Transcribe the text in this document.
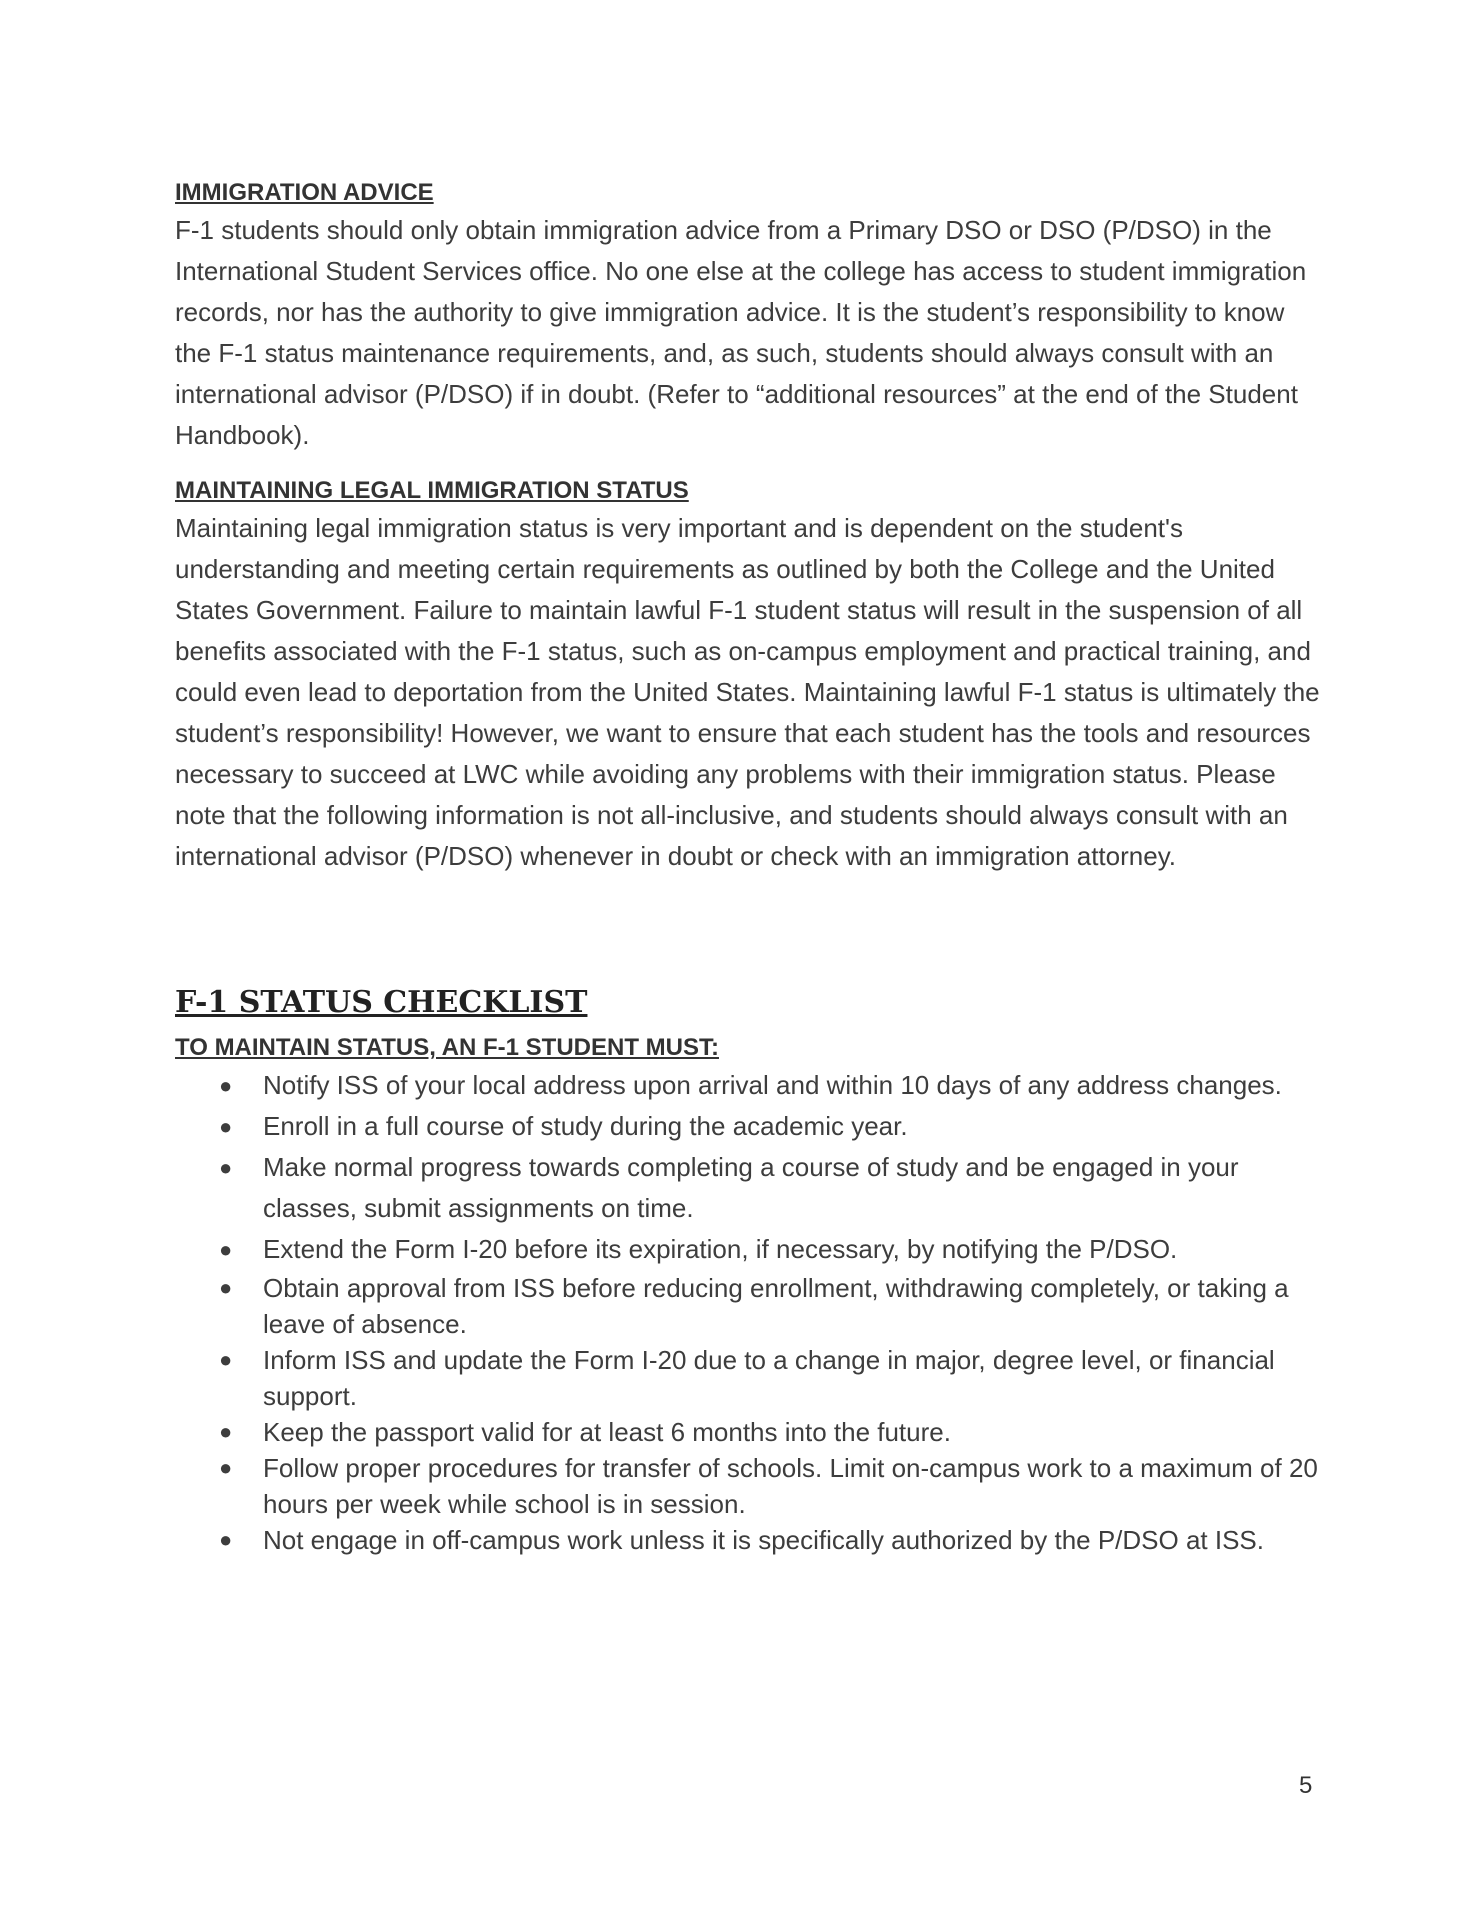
IMMIGRATION ADVICE

F-1 students should only obtain immigration advice from a Primary DSO or DSO (P/DSO) in the International Student Services office. No one else at the college has access to student immigration records, nor has the authority to give immigration advice. It is the student’s responsibility to know the F-1 status maintenance requirements, and, as such, students should always consult with an international advisor (P/DSO) if in doubt. (Refer to “additional resources” at the end of the Student Handbook).

MAINTAINING LEGAL IMMIGRATION STATUS

Maintaining legal immigration status is very important and is dependent on the student's understanding and meeting certain requirements as outlined by both the College and the United States Government. Failure to maintain lawful F-1 student status will result in the suspension of all benefits associated with the F-1 status, such as on-campus employment and practical training, and could even lead to deportation from the United States. Maintaining lawful F-1 status is ultimately the student’s responsibility! However, we want to ensure that each student has the tools and resources necessary to succeed at LWC while avoiding any problems with their immigration status. Please note that the following information is not all-inclusive, and students should always consult with an international advisor (P/DSO) whenever in doubt or check with an immigration attorney.

F-1 STATUS CHECKLIST
TO MAINTAIN STATUS, AN F-1 STUDENT MUST:
● Notify ISS of your local address upon arrival and within 10 days of any address changes.
● Enroll in a full course of study during the academic year.
● Make normal progress towards completing a course of study and be engaged in your classes, submit assignments on time.
● Extend the Form I-20 before its expiration, if necessary, by notifying the P/DSO.
● Obtain approval from ISS before reducing enrollment, withdrawing completely, or taking a leave of absence.
● Inform ISS and update the Form I-20 due to a change in major, degree level, or financial support.
● Keep the passport valid for at least 6 months into the future.
● Follow proper procedures for transfer of schools. Limit on-campus work to a maximum of 20 hours per week while school is in session.
● Not engage in off-campus work unless it is specifically authorized by the P/DSO at ISS.
5
